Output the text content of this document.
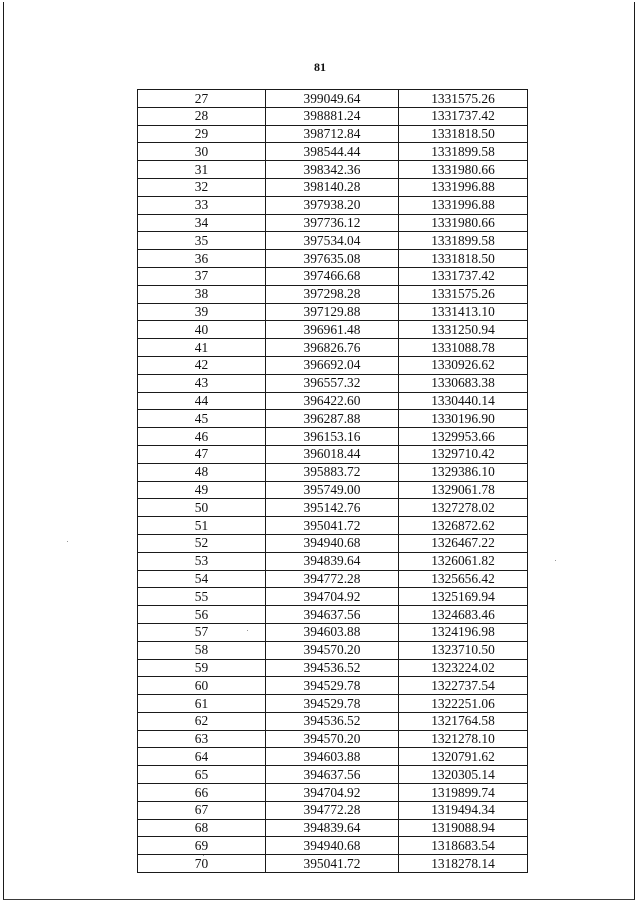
81
27	399049.64	1331575.26
28	398881.24	1331737.42
29	398712.84	1331818.50
30	398544.44	1331899.58
31	398342.36	1331980.66
32	398140.28	1331996.88
33	397938.20	1331996.88
34	397736.12	1331980.66
35	397534.04	1331899.58
36	397635.08	1331818.50
37	397466.68	1331737.42
38	397298.28	1331575.26
39	397129.88	1331413.10
40	396961.48	1331250.94
41	396826.76	1331088.78
42	396692.04	1330926.62
43	396557.32	1330683.38
44	396422.60	1330440.14
45	396287.88	1330196.90
46	396153.16	1329953.66
47	396018.44	1329710.42
48	395883.72	1329386.10
49	395749.00	1329061.78
50	395142.76	1327278.02
51	395041.72	1326872.62
52	394940.68	1326467.22
53	394839.64	1326061.82
54	394772.28	1325656.42
55	394704.92	1325169.94
56	394637.56	1324683.46
57	394603.88	1324196.98
58	394570.20	1323710.50
59	394536.52	1323224.02
60	394529.78	1322737.54
61	394529.78	1322251.06
62	394536.52	1321764.58
63	394570.20	1321278.10
64	394603.88	1320791.62
65	394637.56	1320305.14
66	394704.92	1319899.74
67	394772.28	1319494.34
68	394839.64	1319088.94
69	394940.68	1318683.54
70	395041.72	1318278.14
